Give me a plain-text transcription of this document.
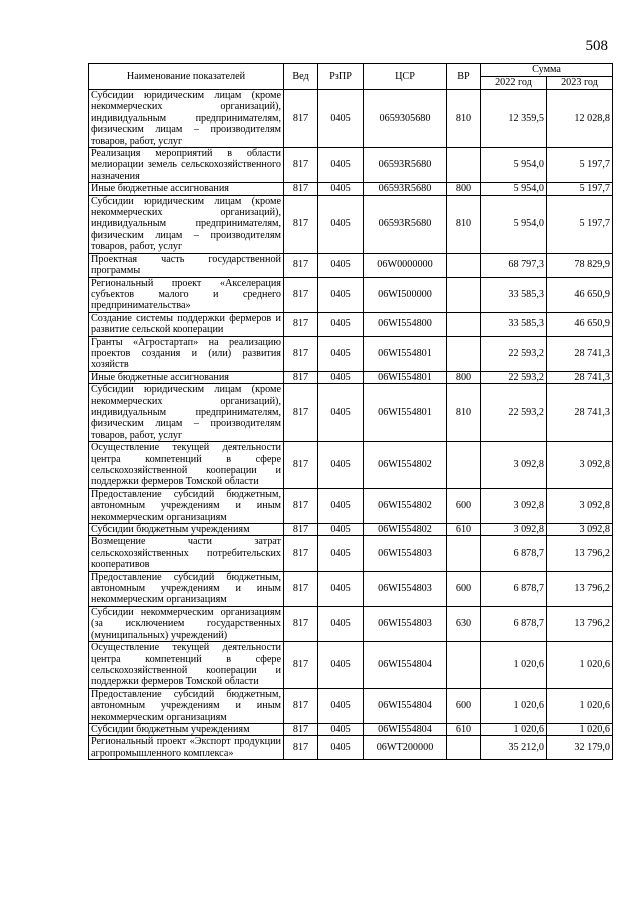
508
Наименование показателей	Вед	РзПР	ЦСР	ВР	Сумма	
					2022 год	2023 год
Субсидии юридическим лицам (кроме некоммерческих организаций), индивидуальным предпринимателям, физическим лицам – производителям товаров, работ, услуг	817	0405	0659305680	810	12 359,5	12 028,8
Реализация мероприятий в области мелиорации земель сельскохозяйственного назначения	817	0405	06593R5680		5 954,0	5 197,7
Иные бюджетные ассигнования	817	0405	06593R5680	800	5 954,0	5 197,7
Субсидии юридическим лицам (кроме некоммерческих организаций), индивидуальным предпринимателям, физическим лицам – производителям товаров, работ, услуг	817	0405	06593R5680	810	5 954,0	5 197,7
Проектная часть государственной программы	817	0405	06W0000000		68 797,3	78 829,9
Региональный проект «Акселерация субъектов малого и среднего предпринимательства»	817	0405	06WI500000		33 585,3	46 650,9
Создание системы поддержки фермеров и развитие сельской кооперации	817	0405	06WI554800		33 585,3	46 650,9
Гранты «Агростартап» на реализацию проектов создания и (или) развития хозяйств	817	0405	06WI554801		22 593,2	28 741,3
Иные бюджетные ассигнования	817	0405	06WI554801	800	22 593,2	28 741,3
Субсидии юридическим лицам (кроме некоммерческих организаций), индивидуальным предпринимателям, физическим лицам – производителям товаров, работ, услуг	817	0405	06WI554801	810	22 593,2	28 741,3
Осуществление текущей деятельности центра компетенций в сфере сельскохозяйственной кооперации и поддержки фермеров Томской области	817	0405	06WI554802		3 092,8	3 092,8
Предоставление субсидий бюджетным, автономным учреждениям и иным некоммерческим организациям	817	0405	06WI554802	600	3 092,8	3 092,8
Субсидии бюджетным учреждениям	817	0405	06WI554802	610	3 092,8	3 092,8
Возмещение части затрат сельскохозяйственных потребительских кооперативов	817	0405	06WI554803		6 878,7	13 796,2
Предоставление субсидий бюджетным, автономным учреждениям и иным некоммерческим организациям	817	0405	06WI554803	600	6 878,7	13 796,2
Субсидии некоммерческим организациям (за исключением государственных (муниципальных) учреждений)	817	0405	06WI554803	630	6 878,7	13 796,2
Осуществление текущей деятельности центра компетенций в сфере сельскохозяйственной кооперации и поддержки фермеров Томской области	817	0405	06WI554804		1 020,6	1 020,6
Предоставление субсидий бюджетным, автономным учреждениям и иным некоммерческим организациям	817	0405	06WI554804	600	1 020,6	1 020,6
Субсидии бюджетным учреждениям	817	0405	06WI554804	610	1 020,6	1 020,6
Региональный проект «Экспорт продукции агропромышленного комплекса»	817	0405	06WT200000		35 212,0	32 179,0
